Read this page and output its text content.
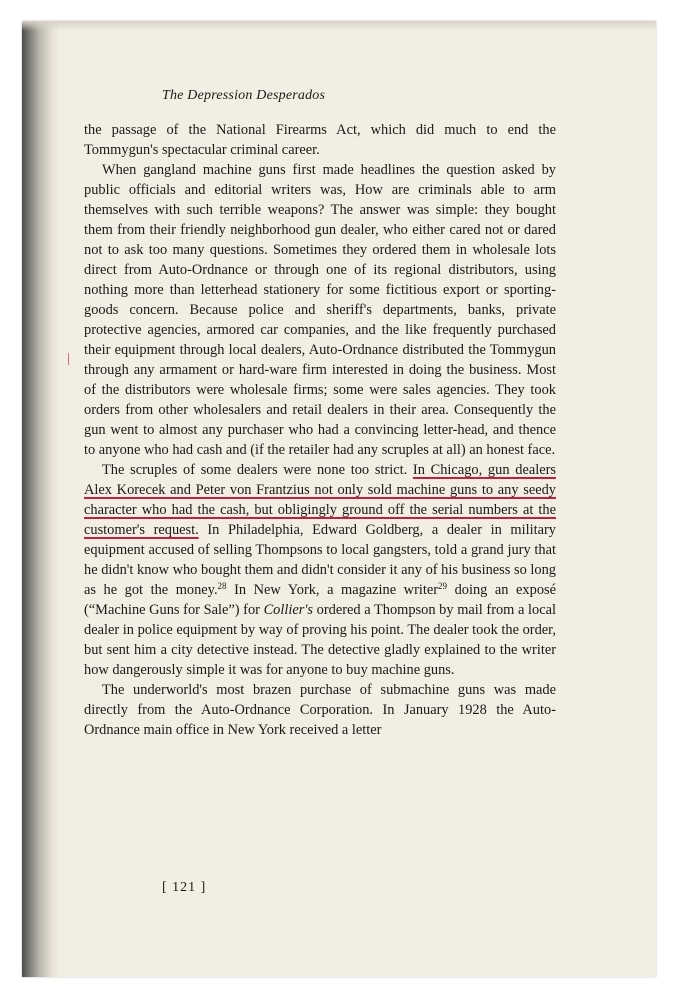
The Depression Desperados

the passage of the National Firearms Act, which did much to end the Tommygun's spectacular criminal career.

When gangland machine guns first made headlines the question asked by public officials and editorial writers was, How are criminals able to arm themselves with such terrible weapons? The answer was simple: they bought them from their friendly neighborhood gun dealer, who either cared not or dared not to ask too many questions. Sometimes they ordered them in wholesale lots direct from Auto-Ordnance or through one of its regional distributors, using nothing more than letterhead stationery for some fictitious export or sporting-goods concern. Because police and sheriff's departments, banks, private protective agencies, armored car companies, and the like frequently purchased their equipment through local dealers, Auto-Ordnance distributed the Tommygun through any armament or hard-ware firm interested in doing the business. Most of the distributors were wholesale firms; some were sales agencies. They took orders from other wholesalers and retail dealers in their area. Consequently the gun went to almost any purchaser who had a convincing letter-head, and thence to anyone who had cash and (if the retailer had any scruples at all) an honest face.

The scruples of some dealers were none too strict. In Chicago, gun dealers Alex Korecek and Peter von Frantzius not only sold machine guns to any seedy character who had the cash, but obligingly ground off the serial numbers at the customer's request. In Philadelphia, Edward Goldberg, a dealer in military equipment accused of selling Thompsons to local gangsters, told a grand jury that he didn't know who bought them and didn't consider it any of his business so long as he got the money.$^{28}$ In New York, a magazine writer$^{29}$ doing an exposé (“Machine Guns for Sale”) for Collier's ordered a Thompson by mail from a local dealer in police equipment by way of proving his point. The dealer took the order, but sent him a city detective instead. The detective gladly explained to the writer how dangerously simple it was for anyone to buy machine guns.

The underworld's most brazen purchase of submachine guns was made directly from the Auto-Ordnance Corporation. In January 1928 the Auto-Ordnance main office in New York received a letter

[ 121 ]
